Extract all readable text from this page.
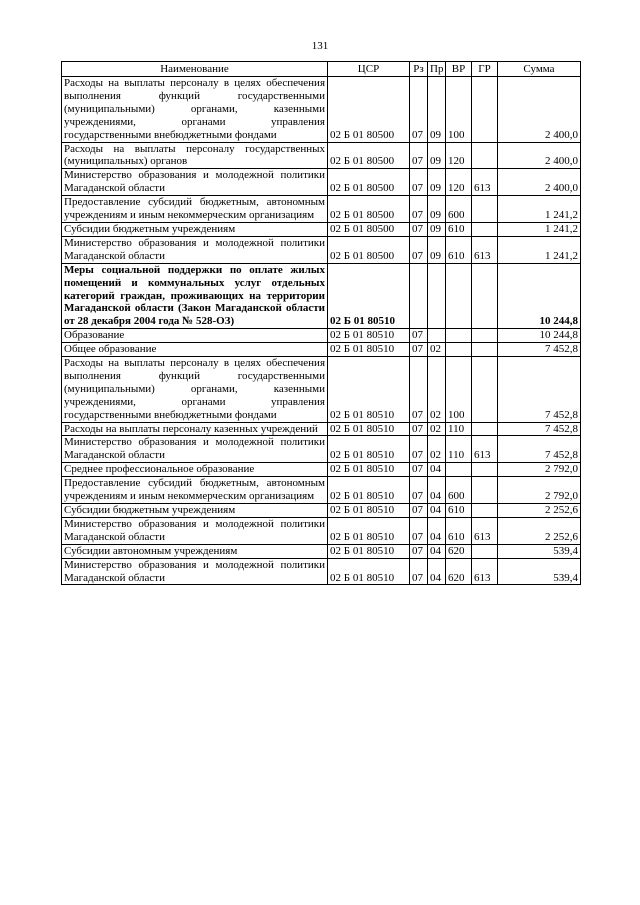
131
Наименование	ЦСР	Рз	Пр	ВР	ГР	Сумма
Расходы на выплаты персоналу в целях обеспечения выполнения функций государственными (муниципальными) органами, казенными учреждениями, органами управления государственными внебюджетными фондами	02 Б 01 80500	07	09	100		2 400,0
Расходы на выплаты персоналу государственных (муниципальных) органов	02 Б 01 80500	07	09	120		2 400,0
Министерство образования и молодежной политики Магаданской области	02 Б 01 80500	07	09	120	613	2 400,0
Предоставление субсидий бюджетным, автономным учреждениям и иным некоммерческим организациям	02 Б 01 80500	07	09	600		1 241,2
Субсидии бюджетным учреждениям	02 Б 01 80500	07	09	610		1 241,2
Министерство образования и молодежной политики Магаданской области	02 Б 01 80500	07	09	610	613	1 241,2
Меры социальной поддержки по оплате жилых помещений и коммунальных услуг отдельных категорий граждан, проживающих на территории Магаданской области (Закон Магаданской области от 28 декабря 2004 года № 528-ОЗ)	02 Б 01 80510					10 244,8
Образование	02 Б 01 80510	07				10 244,8
Общее образование	02 Б 01 80510	07	02			7 452,8
Расходы на выплаты персоналу в целях обеспечения выполнения функций государственными (муниципальными) органами, казенными учреждениями, органами управления государственными внебюджетными фондами	02 Б 01 80510	07	02	100		7 452,8
Расходы на выплаты персоналу казенных учреждений	02 Б 01 80510	07	02	110		7 452,8
Министерство образования и молодежной политики Магаданской области	02 Б 01 80510	07	02	110	613	7 452,8
Среднее профессиональное образование	02 Б 01 80510	07	04			2 792,0
Предоставление субсидий бюджетным, автономным учреждениям и иным некоммерческим организациям	02 Б 01 80510	07	04	600		2 792,0
Субсидии бюджетным учреждениям	02 Б 01 80510	07	04	610		2 252,6
Министерство образования и молодежной политики Магаданской области	02 Б 01 80510	07	04	610	613	2 252,6
Субсидии автономным учреждениям	02 Б 01 80510	07	04	620		539,4
Министерство образования и молодежной политики Магаданской области	02 Б 01 80510	07	04	620	613	539,4
